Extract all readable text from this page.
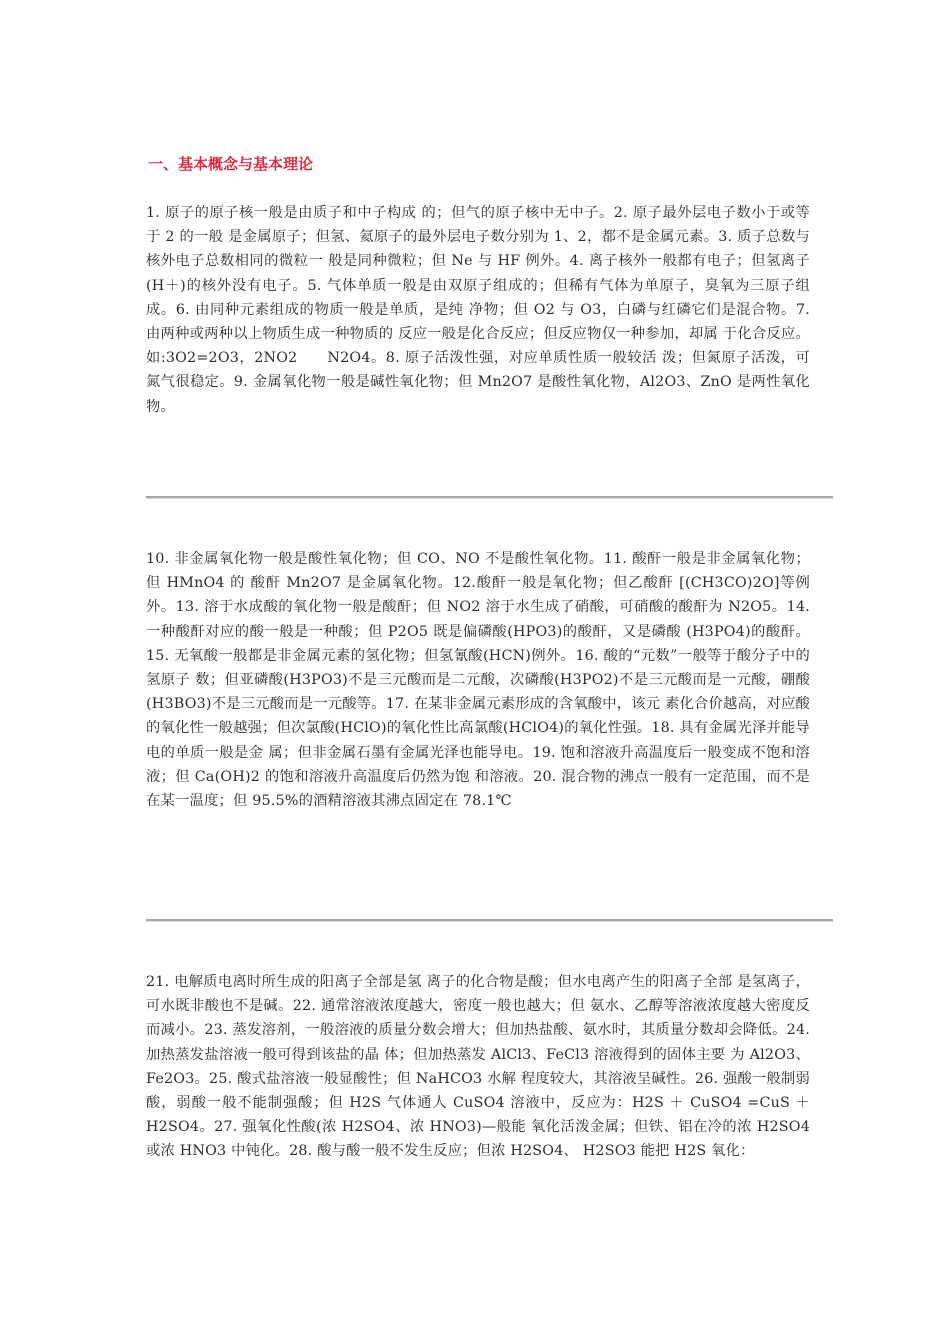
一、基本概念与基本理论
1. 原子的原子核一般是由质子和中子构成 的；但气的原子核中无中子。2. 原子最外层电子数小于或等于 2 的一般 是金属原子；但氢、氦原子的最外层电子数分别为 1、2，都不是金属元素。3. 质子总数与核外电子总数相同的微粒一 般是同种微粒；但 Ne 与 HF 例外。4. 离子核外一般都有电子；但氢离子(H＋)的核外没有电子。5. 气体单质一般是由双原子组成的；但稀有气体为单原子，臭氧为三原子组成。6. 由同种元素组成的物质一般是单质，是纯 净物；但 O2 与 O3，白磷与红磷它们是混合物。7. 由两种或两种以上物质生成一种物质的 反应一般是化合反应；但反应物仅一种参加，却属 于化合反应。如:3O2=2O3，2NO2　　N2O4。8. 原子活泼性强，对应单质性质一般较活 泼；但氮原子活泼，可氮气很稳定。9. 金属氧化物一般是碱性氧化物；但 Mn2O7 是酸性氧化物，Al2O3、ZnO 是两性氧化物。
10. 非金属氧化物一般是酸性氧化物；但 CO、NO 不是酸性氧化物。11. 酸酐一般是非金属氧化物；但 HMnO4 的 酸酐 Mn2O7 是金属氧化物。12.酸酐一般是氧化物；但乙酸酐 [(CH3CO)2O]等例外。13. 溶于水成酸的氧化物一般是酸酐；但 NO2 溶于水生成了硝酸，可硝酸的酸酐为 N2O5。14. 一种酸酐对应的酸一般是一种酸；但 P2O5 既是偏磷酸(HPO3)的酸酐，又是磷酸 (H3PO4)的酸酐。15. 无氧酸一般都是非金属元素的氢化物；但氢氰酸(HCN)例外。16. 酸的“元数”一般等于酸分子中的氢原子 数；但亚磷酸(H3PO3)不是三元酸而是二元酸，次磷酸(H3PO2)不是三元酸而是一元酸，硼酸 (H3BO3)不是三元酸而是一元酸等。17. 在某非金属元素形成的含氧酸中，该元 素化合价越高，对应酸的氧化性一般越强；但次氯酸(HClO)的氧化性比高氯酸(HClO4)的氧化性强。18. 具有金属光泽并能导电的单质一般是金 属；但非金属石墨有金属光泽也能导电。19. 饱和溶液升高温度后一般变成不饱和溶 液；但 Ca(OH)2 的饱和溶液升高温度后仍然为饱 和溶液。20. 混合物的沸点一般有一定范围，而不是 在某一温度；但 95.5%的酒精溶液其沸点固定在 78.1℃
21. 电解质电离时所生成的阳离子全部是氢 离子的化合物是酸；但水电离产生的阳离子全部 是氢离子，可水既非酸也不是碱。22. 通常溶液浓度越大，密度一般也越大；但 氨水、乙醇等溶液浓度越大密度反而减小。23. 蒸发溶剂，一般溶液的质量分数会增大；但加热盐酸、氨水时，其质量分数却会降低。24. 加热蒸发盐溶液一般可得到该盐的晶 体；但加热蒸发 AlCl3、FeCl3 溶液得到的固体主要 为 Al2O3、Fe2O3。25. 酸式盐溶液一般显酸性；但 NaHCO3 水解 程度较大，其溶液呈碱性。26. 强酸一般制弱酸，弱酸一般不能制强酸；但 H2S 气体通人 CuSO4 溶液中，反应为：H2S ＋ CuSO4 =CuS ＋ H2SO4。27. 强氧化性酸(浓 H2SO4、浓 HNO3)—般能 氧化活泼金属；但铁、铝在冷的浓 H2SO4 或浓 HNO3 中钝化。28. 酸与酸一般不发生反应；但浓 H2SO4、 H2SO3 能把 H2S 氧化：
